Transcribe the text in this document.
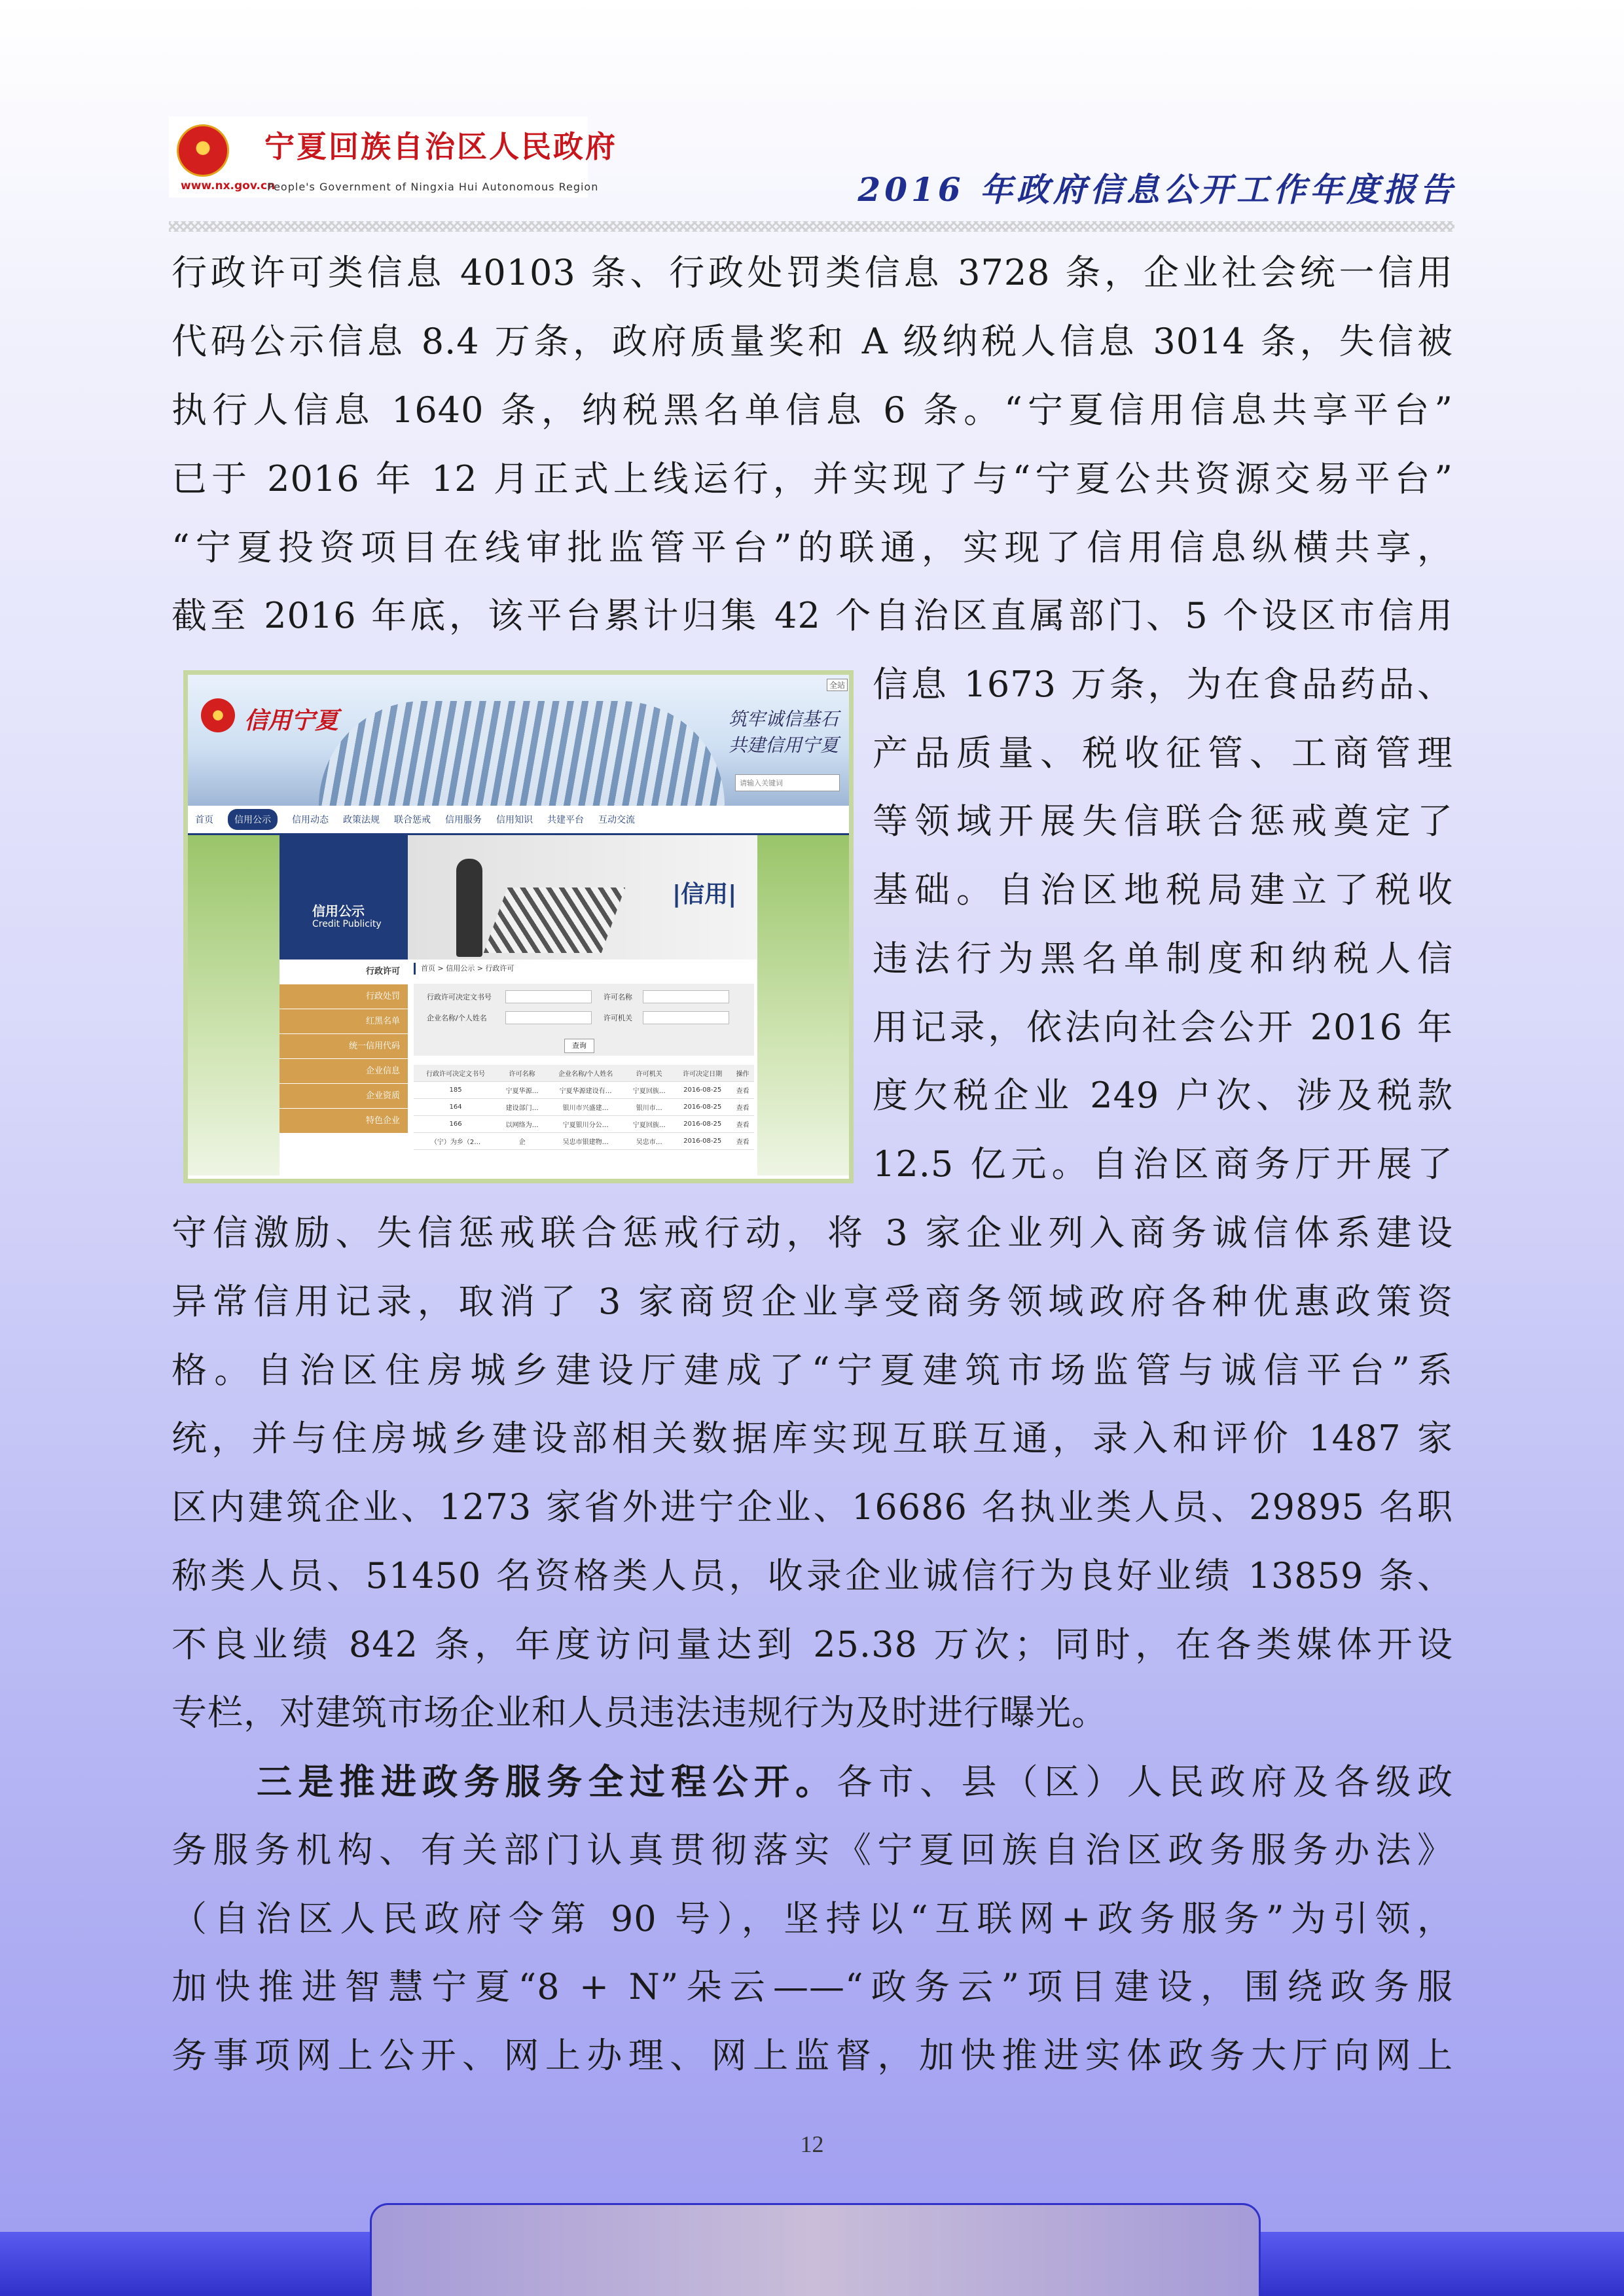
宁夏回族自治区人民政府
www.nx.gov.cn
People's Government of Ningxia Hui Autonomous Region	2016 年政府信息公开工作年度报告
行政许可类信息 40103 条、行政处罚类信息 3728 条，企业社会统一信用
代码公示信息 8.4 万条，政府质量奖和 A 级纳税人信息 3014 条，失信被
执行人信息 1640 条，纳税黑名单信息 6 条。“宁夏信用信息共享平台”
已于 2016 年 12 月正式上线运行，并实现了与“宁夏公共资源交易平台”
“宁夏投资项目在线审批监管平台”的联通，实现了信用信息纵横共享，
截至 2016 年底，该平台累计归集 42 个自治区直属部门、5 个设区市信用
信息 1673 万条，为在食品药品、
产品质量、税收征管、工商管理
等领域开展失信联合惩戒奠定了
基础。自治区地税局建立了税收
违法行为黑名单制度和纳税人信
用记录，依法向社会公开 2016 年
度欠税企业 249 户次、涉及税款
12.5 亿元。自治区商务厅开展了
信用宁夏	筑牢诚信基石
共建信用宁夏
请输入关键词
全站
首页	信用公示	信用动态 政策法规 联合惩戒 信用服务 信用知识 共建平台 互动交流
信用公示
Credit Publicity
|信用|
行政许可
行政处罚
红黑名单
统一信用代码
企业信息
企业资质
特色企业
首页 > 信用公示 > 行政许可
行政许可决定文书号	许可名称
企业名称/个人姓名	许可机关
查询
行政许可决定文书号	许可名称	企业名称/个人姓名	许可机关	许可决定日期	操作
185	宁夏华源…	宁夏华源建设有…	宁夏回族…	2016-08-25	查看
164	建设部门…	银川市兴盛建…	银川市…	2016-08-25	查看
166	以网络为…	宁夏银川分公…	宁夏回族…	2016-08-25	查看
（宁）为乡（2…	企	吴忠市银建物…	吴忠市…	2016-08-25	查看
守信激励、失信惩戒联合惩戒行动，将 3 家企业列入商务诚信体系建设
异常信用记录，取消了 3 家商贸企业享受商务领域政府各种优惠政策资
格。自治区住房城乡建设厅建成了“宁夏建筑市场监管与诚信平台”系
统，并与住房城乡建设部相关数据库实现互联互通，录入和评价 1487 家
区内建筑企业、1273 家省外进宁企业、16686 名执业类人员、29895 名职
称类人员、51450 名资格类人员，收录企业诚信行为良好业绩 13859 条、
不良业绩 842 条，年度访问量达到 25.38 万次；同时，在各类媒体开设
专栏，对建筑市场企业和人员违法违规行为及时进行曝光。
三是推进政务服务全过程公开。各市、县（区）人民政府及各级政
务服务机构、有关部门认真贯彻落实《宁夏回族自治区政务服务办法》
（自治区人民政府令第 90 号），坚持以“互联网+政务服务”为引领，
加快推进智慧宁夏“8 + N”朵云——“政务云”项目建设，围绕政务服
务事项网上公开、网上办理、网上监督，加快推进实体政务大厅向网上
12
